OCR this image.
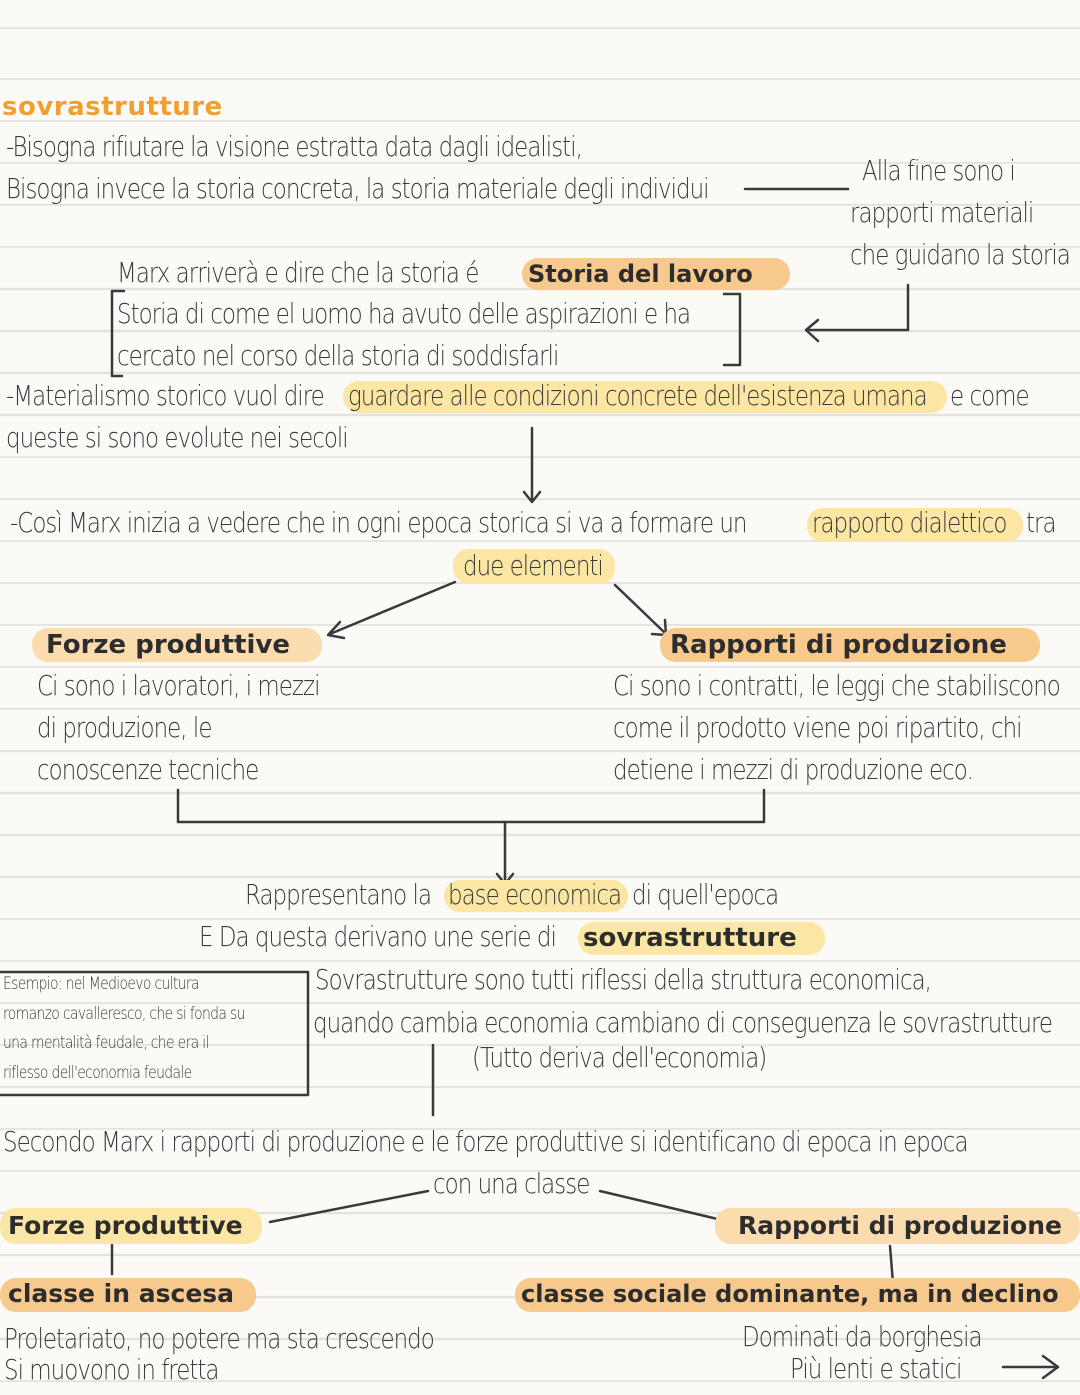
sovrastrutture
-Bisogna rifiutare la visione estratta data dagli idealisti,
Bisogna invece la storia concreta, la storia materiale degli individui
Alla fine sono i
rapporti materiali
che guidano la storia
Marx arriverà e dire che la storia é Storia del lavoro
Storia di come el uomo ha avuto delle aspirazioni e ha
cercato nel corso della storia di soddisfarli
-Materialismo storico vuol dire guardare alle condizioni concrete dell'esistenza umana e come
queste si sono evolute nei secoli
-Così Marx inizia a vedere che in ogni epoca storica si va a formare un rapporto dialettico tra
due elementi
Forze produttive
Ci sono i lavoratori, i mezzi
di produzione, le
conoscenze tecniche
Rapporti di produzione
Ci sono i contratti, le leggi che stabiliscono
come il prodotto viene poi ripartito, chi
detiene i mezzi di produzione eco.
Rappresentano la base economica di quell'epoca
E Da questa derivano une serie di sovrastrutture
Esempio: nel Medioevo cultura
romanzo cavalleresco, che si fonda su
una mentalità feudale, che era il
riflesso dell'economia feudale
Sovrastrutture sono tutti riflessi della struttura economica,
quando cambia economia cambiano di conseguenza le sovrastrutture
(Tutto deriva dell'economia)
Secondo Marx i rapporti di produzione e le forze produttive si identificano di epoca in epoca
con una classe
Forze produttive
classe in ascesa
Proletariato, no potere ma sta crescendo
Si muovono in fretta
Rapporti di produzione
classe sociale dominante, ma in declino
Dominati da borghesia
Più lenti e statici
